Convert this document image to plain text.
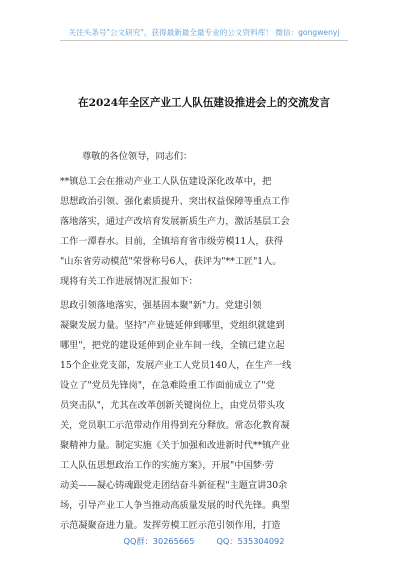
关注头条号"公文研究"，获得最新最全最专业的公文资料库！ 微信：gongwenyj
在2024年全区产业工人队伍建设推进会上的交流发言
尊敬的各位领导，同志们：
**镇总工会在推动产业工人队伍建设深化改革中，把
思想政治引领、强化素质提升、突出权益保障等重点工作
落地落实，通过产改培育发展新质生产力，激活基层工会
工作一潭春水。目前，全镇培育省市级劳模11人，获得
"山东省劳动模范"荣誉称号6人，获评为"**工匠"1人。
现将有关工作进展情况汇报如下：
思政引领落地落实，强基固本聚"新"力。党建引领
凝聚发展力量。坚持"产业链延伸到哪里，党组织就建到
哪里"，把党的建设延伸到企业车间一线，全镇已建立起
15个企业党支部，发展产业工人党员140人，在生产一线
设立了"党员先锋岗"，在急难险重工作面前成立了"党
员突击队"，尤其在改革创新关键岗位上，由党员带头攻
关，党员职工示范带动作用得到充分释放。常态化教育凝
聚精神力量。制定实施《关于加强和改进新时代**镇产业
工人队伍思想政治工作的实施方案》，开展"中国梦·劳
动美——凝心铸魂跟党走团结奋斗新征程"主题宣讲30余
场，引导产业工人争当推动高质量发展的时代先锋。典型
示范凝聚奋进力量。发挥劳模工匠示范引领作用，打造
QQ群：30265665	QQ：535304092
